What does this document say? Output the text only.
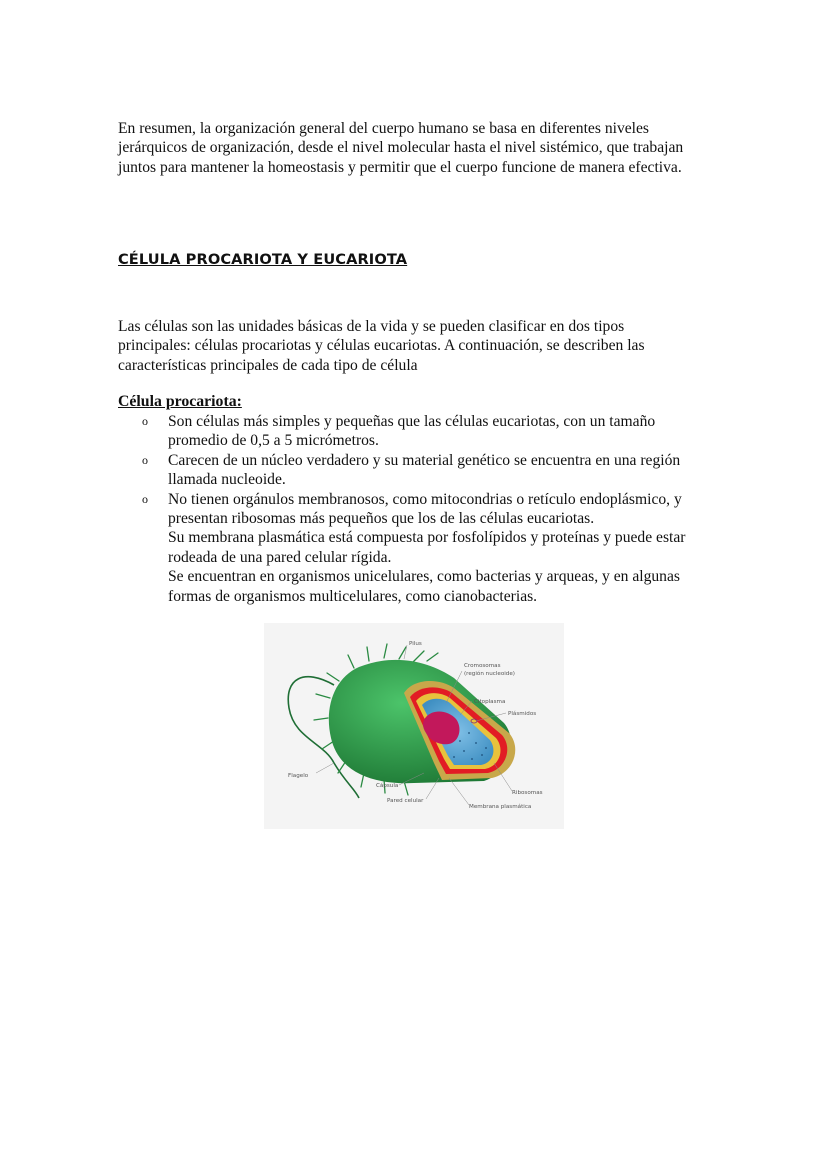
En resumen, la organización general del cuerpo humano se basa en diferentes niveles jerárquicos de organización, desde el nivel molecular hasta el nivel sistémico, que trabajan juntos para mantener la homeostasis y permitir que el cuerpo funcione de manera efectiva.

CÉLULA PROCARIOTA Y EUCARIOTA

Las células son las unidades básicas de la vida y se pueden clasificar en dos tipos principales: células procariotas y células eucariotas. A continuación, se describen las características principales de cada tipo de célula

Célula procariota:
o Son células más simples y pequeñas que las células eucariotas, con un tamaño promedio de 0,5 a 5 micrómetros.
o Carecen de un núcleo verdadero y su material genético se encuentra en una región llamada nucleoide.
o No tienen orgánulos membranosos, como mitocondrias o retículo endoplásmico, y presentan ribosomas más pequeños que los de las células eucariotas.
Su membrana plasmática está compuesta por fosfolípidos y proteínas y puede estar rodeada de una pared celular rígida.
Se encuentran en organismos unicelulares, como bacterias y arqueas, y en algunas formas de organismos multicelulares, como cianobacterias.
Pilus
Cromosomas
(región nucleoide)
Citoplasma
Plásmidos
Flagelo
Cápsula
Pared celular
Ribosomas
Membrana plasmática
